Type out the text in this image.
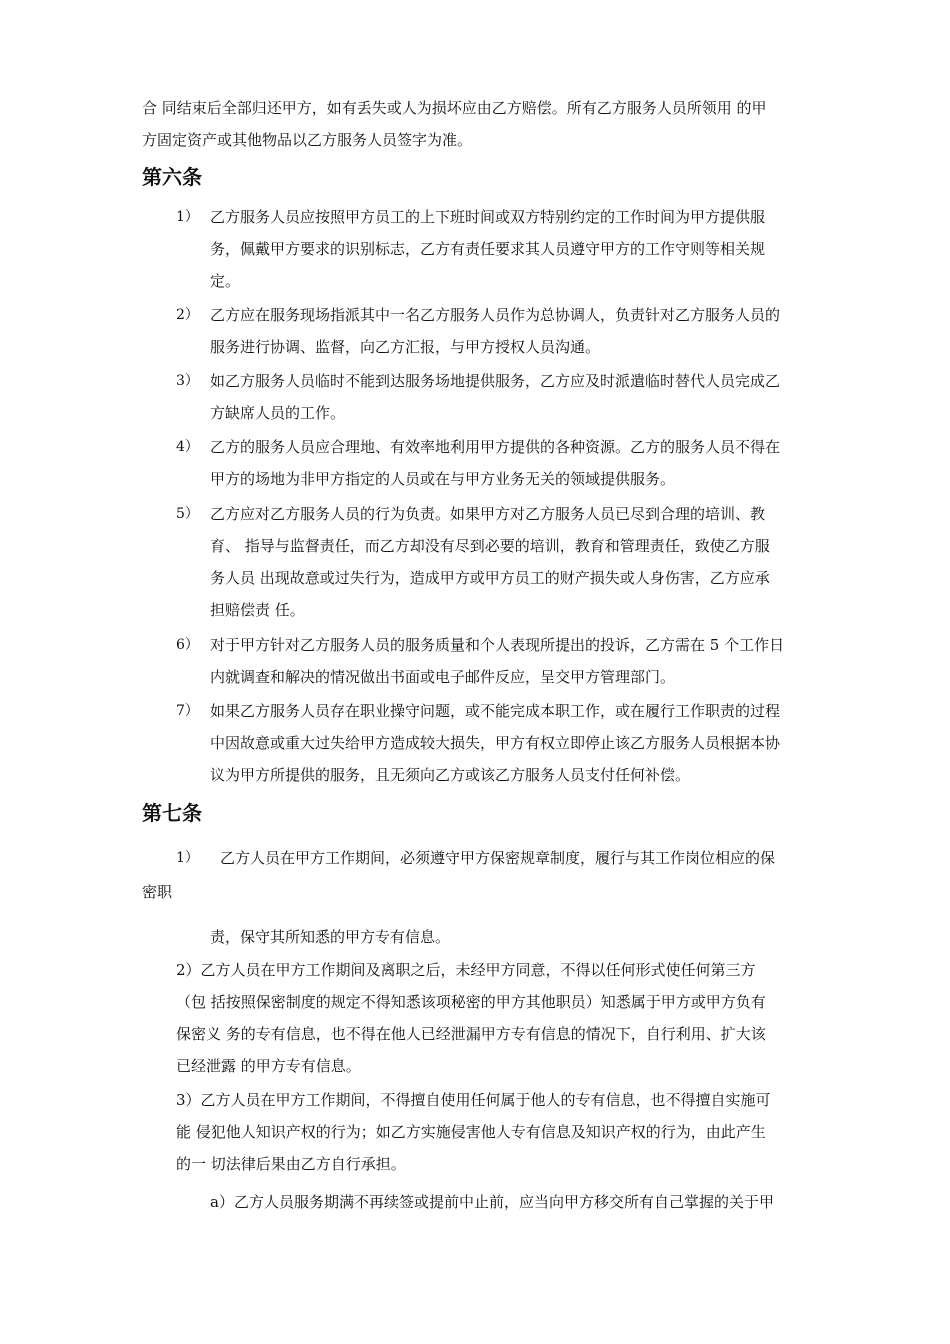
合 同结束后全部归还甲方，如有丢失或人为损坏应由乙方赔偿。所有乙方服务人员所领用 的甲
方固定资产或其他物品以乙方服务人员签字为准。
第六条
1） 乙方服务人员应按照甲方员工的上下班时间或双方特别约定的工作时间为甲方提供服
务，佩戴甲方要求的识别标志，乙方有责任要求其人员遵守甲方的工作守则等相关规
定。
2） 乙方应在服务现场指派其中一名乙方服务人员作为总协调人，负责针对乙方服务人员的
服务进行协调、监督，向乙方汇报，与甲方授权人员沟通。
3） 如乙方服务人员临时不能到达服务场地提供服务，乙方应及时派遣临时替代人员完成乙
方缺席人员的工作。
4） 乙方的服务人员应合理地、有效率地利用甲方提供的各种资源。乙方的服务人员不得在
甲方的场地为非甲方指定的人员或在与甲方业务无关的领域提供服务。
5） 乙方应对乙方服务人员的行为负责。如果甲方对乙方服务人员已尽到合理的培训、教
育、 指导与监督责任，而乙方却没有尽到必要的培训，教育和管理责任，致使乙方服
务人员 出现故意或过失行为，造成甲方或甲方员工的财产损失或人身伤害，乙方应承
担赔偿责 任。
6） 对于甲方针对乙方服务人员的服务质量和个人表现所提出的投诉，乙方需在 5 个工作日
内就调查和解决的情况做出书面或电子邮件反应，呈交甲方管理部门。
7） 如果乙方服务人员存在职业操守问题，或不能完成本职工作，或在履行工作职责的过程
中因故意或重大过失给甲方造成较大损失，甲方有权立即停止该乙方服务人员根据本协
议为甲方所提供的服务，且无须向乙方或该乙方服务人员支付任何补偿。
第七条
1） 乙方人员在甲方工作期间，必须遵守甲方保密规章制度，履行与其工作岗位相应的保
密职
责，保守其所知悉的甲方专有信息。
2）乙方人员在甲方工作期间及离职之后，未经甲方同意，不得以任何形式使任何第三方
（包 括按照保密制度的规定不得知悉该项秘密的甲方其他职员）知悉属于甲方或甲方负有
保密义 务的专有信息，也不得在他人已经泄漏甲方专有信息的情况下，自行利用、扩大该
已经泄露 的甲方专有信息。
3）乙方人员在甲方工作期间，不得擅自使用任何属于他人的专有信息，也不得擅自实施可
能 侵犯他人知识产权的行为；如乙方实施侵害他人专有信息及知识产权的行为，由此产生
的一 切法律后果由乙方自行承担。
a）乙方人员服务期满不再续签或提前中止前，应当向甲方移交所有自己掌握的关于甲
